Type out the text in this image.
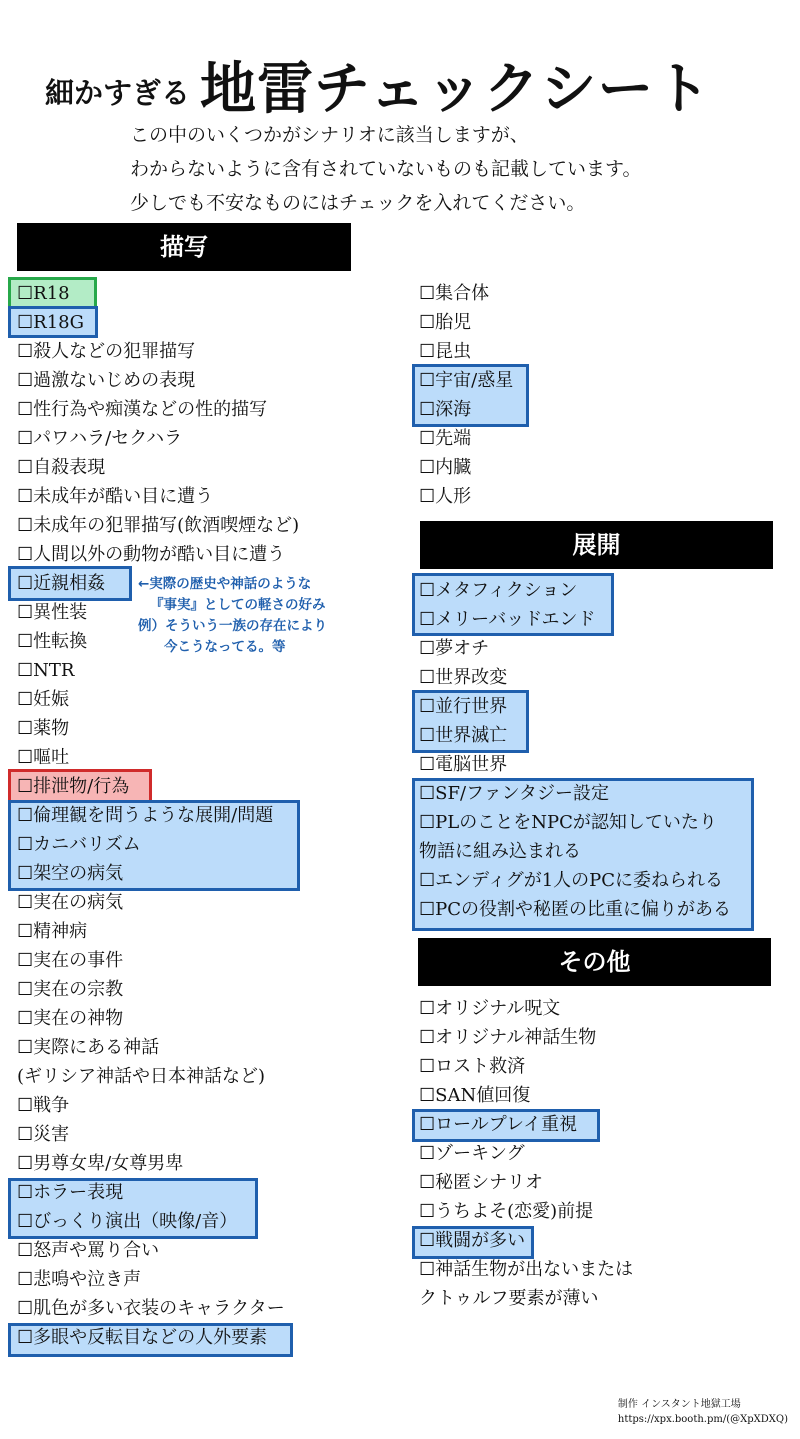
細かすぎる 地雷チェックシート
この中のいくつかがシナリオに該当しますが、
わからないように含有されていないものも記載しています。
少しでも不安なものにはチェックを入れてください。
描写
展開
その他
☐R18
☐R18G
☐殺人などの犯罪描写
☐過激ないじめの表現
☐性行為や痴漢などの性的描写
☐パワハラ/セクハラ
☐自殺表現
☐未成年が酷い目に遭う
☐未成年の犯罪描写(飲酒喫煙など)
☐人間以外の動物が酷い目に遭う
☐近親相姦
☐異性装
☐性転換
☐NTR
☐妊娠
☐薬物
☐嘔吐
☐排泄物/行為
☐倫理観を問うような展開/問題
☐カニバリズム
☐架空の病気
☐実在の病気
☐精神病
☐実在の事件
☐実在の宗教
☐実在の神物
☐実際にある神話
(ギリシア神話や日本神話など)
☐戦争
☐災害
☐男尊女卑/女尊男卑
☐ホラー表現
☐びっくり演出（映像/音）
☐怒声や罵り合い
☐悲鳴や泣き声
☐肌色が多い衣装のキャラクター
☐多眼や反転目などの人外要素
☐集合体
☐胎児
☐昆虫
☐宇宙/惑星
☐深海
☐先端
☐内臓
☐人形
☐メタフィクション
☐メリーバッドエンド
☐夢オチ
☐世界改変
☐並行世界
☐世界滅亡
☐電脳世界
☐SF/ファンタジー設定
☐PLのことをNPCが認知していたり
物語に組み込まれる
☐エンディグが1人のPCに委ねられる
☐PCの役割や秘匿の比重に偏りがある
☐オリジナル呪文
☐オリジナル神話生物
☐ロスト救済
☐SAN値回復
☐ロールプレイ重視
☐ゾーキング
☐秘匿シナリオ
☐うちよそ(恋愛)前提
☐戦闘が多い
☐神話生物が出ないまたは
クトゥルフ要素が薄い
←実際の歴史や神話のような
『事実』としての軽さの好み
例）そういう一族の存在により
今こうなってる。等
制作 インスタント地獄工場
https://xpx.booth.pm/(@XpXDXQ)
